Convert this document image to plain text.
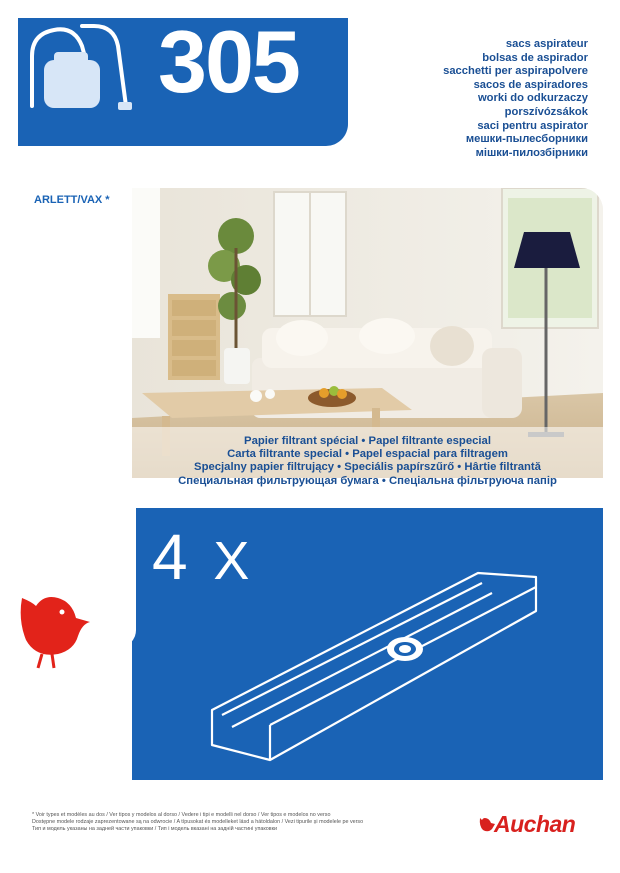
305	sacs aspirateur
bolsas de aspirador
sacchetti per aspirapolvere
sacos de aspiradores
worki do odkurzaczy
porszívózsákok
saci pentru aspirator
мешки-пылесборники
мішки-пилозбірники
ARLETT/VAX *
Papier filtrant spécial • Papel filtrante especial
Carta filtrante special • Papel espacial para filtragem
Specjalny papier filtrujący • Speciális papírszűrő • Hârtie filtrantă
Специальная фильтрующая бумага • Спеціальна фільтруюча папір
4 X
* Voir types et modèles au dos / Ver tipos y modelos al dorso / Vedere i tipi e modelli nel dorso / Ver tipos e modelos no verso
Dostępne modele rodzaje zaprezentowane są na odwrocie / A típusokat és modelleket lásd a hátoldalon / Vezi tipurile și modelele pe verso
Тип и модель указаны на задней части упаковки / Тип і модель вказані на задній частині упаковки	Auchan
